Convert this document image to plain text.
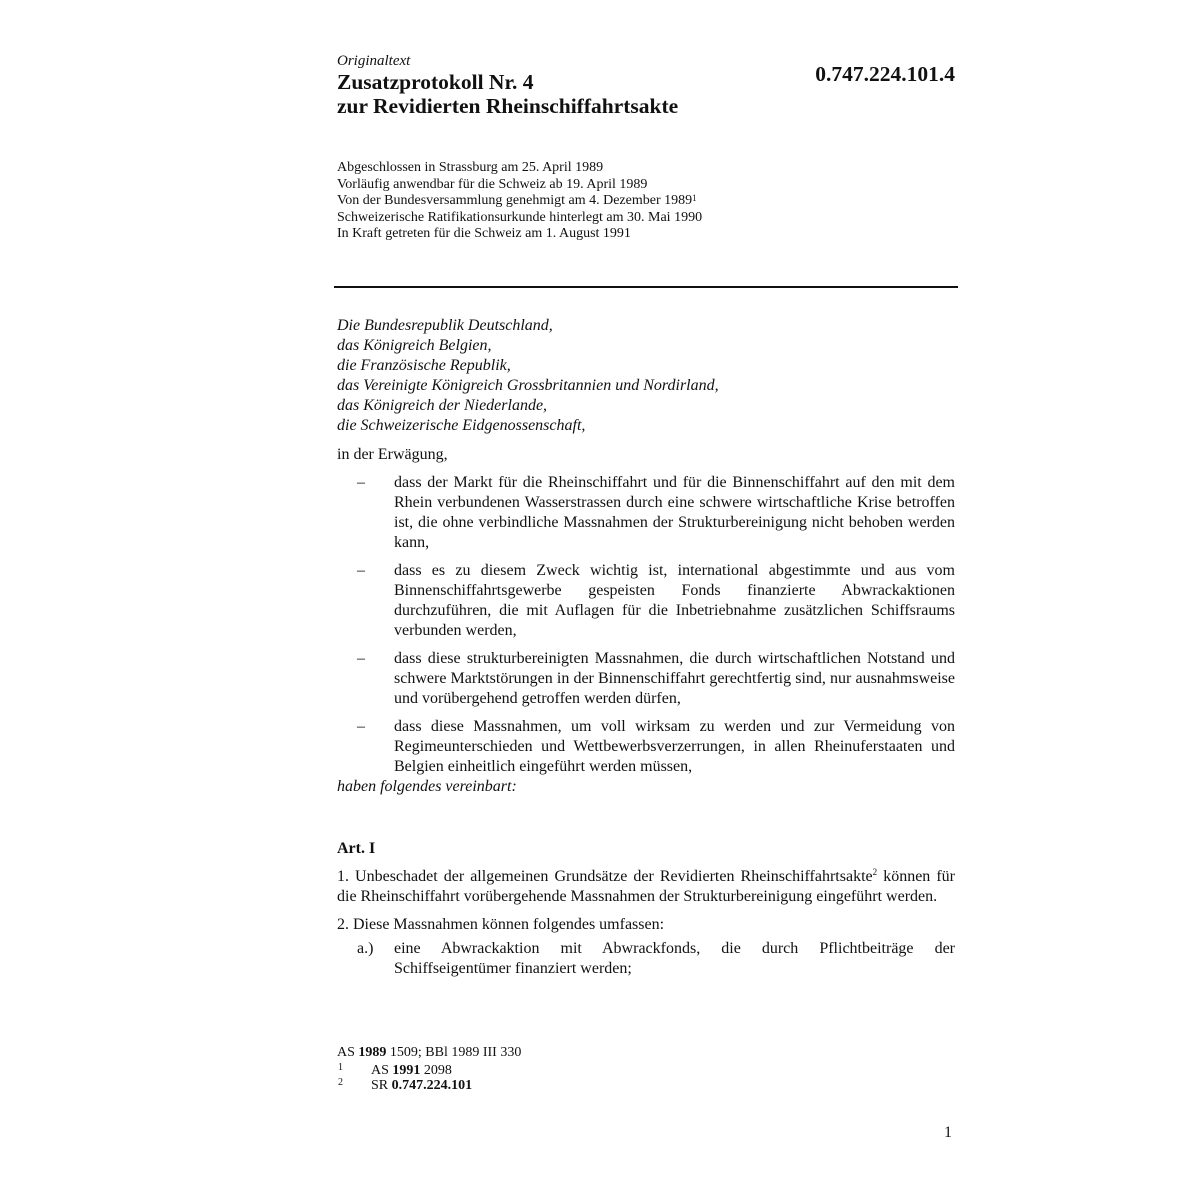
Originaltext
Zusatzprotokoll Nr. 4
zur Revidierten Rheinschiffahrtsakte
0.747.224.101.4
Abgeschlossen in Strassburg am 25. April 1989
Vorläufig anwendbar für die Schweiz ab 19. April 1989
Von der Bundesversammlung genehmigt am 4. Dezember 1989$^1$
Schweizerische Ratifikationsurkunde hinterlegt am 30. Mai 1990
In Kraft getreten für die Schweiz am 1. August 1991
Die Bundesrepublik Deutschland,
das Königreich Belgien,
die Französische Republik,
das Vereinigte Königreich Grossbritannien und Nordirland,
das Königreich der Niederlande,
die Schweizerische Eidgenossenschaft,
in der Erwägung,
– dass der Markt für die Rheinschiffahrt und für die Binnenschiffahrt auf den mit dem Rhein verbundenen Wasserstrassen durch eine schwere wirtschaftliche Krise betroffen ist, die ohne verbindliche Massnahmen der Strukturbereinigung nicht behoben werden kann,
– dass es zu diesem Zweck wichtig ist, international abgestimmte und aus vom Binnenschiffahrtsgewerbe gespeisten Fonds finanzierte Abwrackaktionen durchzuführen, die mit Auflagen für die Inbetriebnahme zusätzlichen Schiffsraums verbunden werden,
– dass diese strukturbereinigten Massnahmen, die durch wirtschaftlichen Notstand und schwere Marktstörungen in der Binnenschiffahrt gerechtfertig sind, nur ausnahmsweise und vorübergehend getroffen werden dürfen,
– dass diese Massnahmen, um voll wirksam zu werden und zur Vermeidung von Regimeunterschieden und Wettbewerbsverzerrungen, in allen Rheinuferstaaten und Belgien einheitlich eingeführt werden müssen,
haben folgendes vereinbart:
Art. I
1. Unbeschadet der allgemeinen Grundsätze der Revidierten Rheinschiffahrtsakte$^2$ können für die Rheinschiffahrt vorübergehende Massnahmen der Strukturbereinigung eingeführt werden.
2. Diese Massnahmen können folgendes umfassen:
a.) eine Abwrackaktion mit Abwrackfonds, die durch Pflichtbeiträge der Schiffseigentümer finanziert werden;
AS 1989 1509; BBl 1989 III 330
1 AS 1991 2098
2 SR 0.747.224.101
1
